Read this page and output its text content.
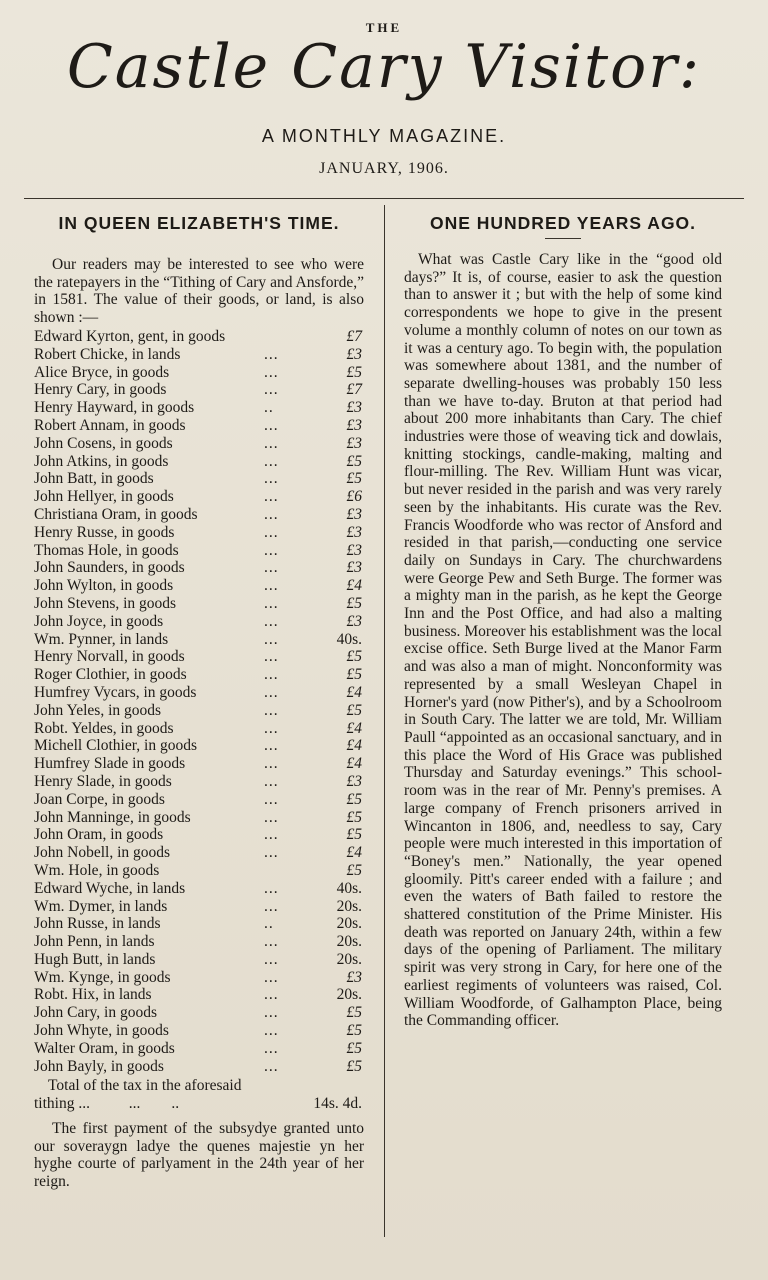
THE
Castle Cary Visitor:
A MONTHLY MAGAZINE.
JANUARY, 1906.
IN QUEEN ELIZABETH'S TIME.

Our readers may be interested to see who were the ratepayers in the “Tithing of Cary and Ansforde,” in 1581. The value of their goods, or land, is also shown :—

Edward Kyrton, gent, in goods	£7
Robert Chicke, in lands	...	£3
Alice Bryce, in goods	...	£5
Henry Cary, in goods	...	£7
Henry Hayward, in goods	..	£3
Robert Annam, in goods	...	£3
John Cosens, in goods	...	£3
John Atkins, in goods	...	£5
John Batt, in goods	...	£5
John Hellyer, in goods	...	£6
Christiana Oram, in goods	...	£3
Henry Russe, in goods	...	£3
Thomas Hole, in goods	...	£3
John Saunders, in goods	...	£3
John Wylton, in goods	...	£4
John Stevens, in goods	...	£5
John Joyce, in goods	...	£3
Wm. Pynner, in lands	...	40s.
Henry Norvall, in goods	...	£5
Roger Clothier, in goods	...	£5
Humfrey Vycars, in goods	...	£4
John Yeles, in goods	...	£5
Robt. Yeldes, in goods	...	£4
Michell Clothier, in goods	...	£4
Humfrey Slade in goods	...	£4
Henry Slade, in goods	...	£3
Joan Corpe, in goods	...	£5
John Manninge, in goods	...	£5
John Oram, in goods	...	£5
John Nobell, in goods	...	£4
Wm. Hole, in goods	£5
Edward Wyche, in lands	...	40s.
Wm. Dymer, in lands	...	20s.
John Russe, in lands	..	20s.
John Penn, in lands	...	20s.
Hugh Butt, in lands	...	20s.
Wm. Kynge, in goods	...	£3
Robt. Hix, in lands	...	20s.
John Cary, in goods	...	£5
John Whyte, in goods	...	£5
Walter Oram, in goods	...	£5
John Bayly, in goods	...	£5
Total of the tax in the aforesaid
tithing ...          ...        ..	14s. 4d.

The first payment of the subsydye granted unto our soveraygn ladye the quenes majestie yn her hyghe courte of parlyament in the 24th year of her reign.

ONE HUNDRED YEARS AGO.

What was Castle Cary like in the “good old days?” It is, of course, easier to ask the question than to answer it ; but with the help of some kind correspondents we hope to give in the present volume a monthly column of notes on our town as it was a century ago. To begin with, the population was somewhere about 1381, and the number of separate dwelling-houses was probably 150 less than we have to-day. Bruton at that period had about 200 more inhabitants than Cary. The chief industries were those of weaving tick and dowlais, knitting stockings, candle-making, malting and flour-milling. The Rev. William Hunt was vicar, but never resided in the parish and was very rarely seen by the inhabitants. His curate was the Rev. Francis Woodforde who was rector of Ansford and resided in that parish,—conducting one service daily on Sundays in Cary. The churchwardens were George Pew and Seth Burge. The former was a mighty man in the parish, as he kept the George Inn and the Post Office, and had also a malting business. Moreover his establishment was the local excise office. Seth Burge lived at the Manor Farm and was also a man of might. Nonconformity was represented by a small Wesleyan Chapel in Horner's yard (now Pither's), and by a Schoolroom in South Cary. The latter we are told, Mr. William Paull “appointed as an occasional sanctuary, and in this place the Word of His Grace was published Thursday and Saturday evenings.” This school-room was in the rear of Mr. Penny's premises. A large company of French prisoners arrived in Wincanton in 1806, and, needless to say, Cary people were much interested in this importation of “Boney's men.” Nationally, the year opened gloomily. Pitt's career ended with a failure ; and even the waters of Bath failed to restore the shattered constitution of the Prime Minister. His death was reported on January 24th, within a few days of the opening of Parliament. The military spirit was very strong in Cary, for here one of the earliest regiments of volunteers was raised, Col. William Woodforde, of Galhampton Place, being the Commanding officer.
